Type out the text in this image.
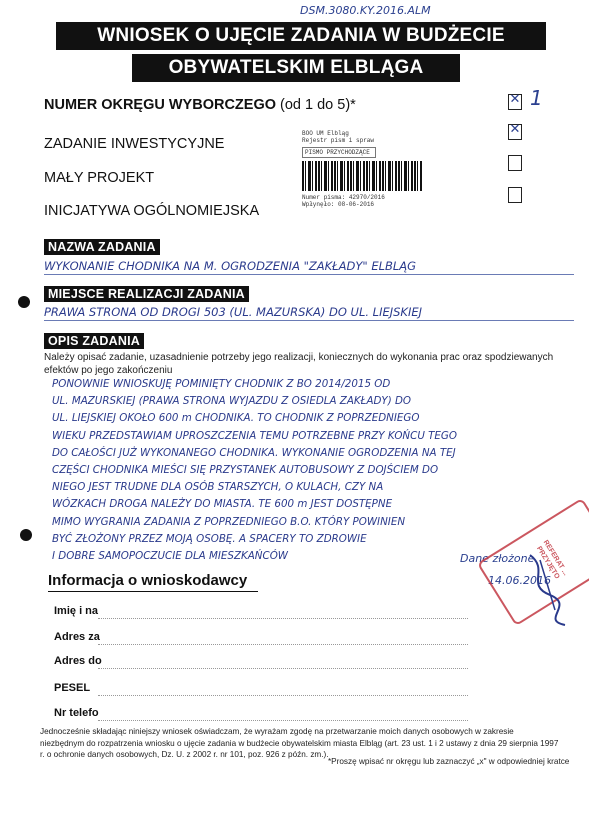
DSM.3080.KY.2016.ALM
WNIOSEK O UJĘCIE ZADANIA W BUDŻECIE
OBYWATELSKIM ELBLĄGA
NUMER OKRĘGU WYBORCZEGO (od 1 do 5)*	✕ 1
ZADANIE INWESTYCYJNE
✕
MAŁY PROJEKT
INICJATYWA OGÓLNOMIEJSKA
BOO UM Elbląg
Rejestr pism i spraw
PISMO PRZYCHODZĄCE
Numer pisma: 42970/2016
Wpłynęło: 08-06-2016
NAZWA ZADANIA
WYKONANIE CHODNIKA NA M. OGRODZENIA "ZAKŁADY" ELBLĄG
MIEJSCE REALIZACJI ZADANIA
PRAWA STRONA OD DROGI 503 (UL. MAZURSKA) DO UL. LIEJSKIEJ
OPIS ZADANIA
Należy opisać zadanie, uzasadnienie potrzeby jego realizacji, koniecznych do wykonania prac oraz spodziewanych efektów po jego zakończeniu
PONOWNIE WNIOSKUJĘ POMINIĘTY CHODNIK Z BO 2014/2015 OD
UL. MAZURSKIEJ (PRAWA STRONA WYJAZDU Z OSIEDLA ZAKŁADY) DO
UL. LIEJSKIEJ OKOŁO 600 m CHODNIKA. TO CHODNIK Z POPRZEDNIEGO
WIEKU PRZEDSTAWIAM UPROSZCZENIA TEMU POTRZEBNE PRZY KOŃCU TEGO
DO CAŁOŚCI JUŻ WYKONANEGO CHODNIKA. WYKONANIE OGRODZENIA NA TEJ
CZĘŚCI CHODNIKA MIEŚCI SIĘ PRZYSTANEK AUTOBUSOWY Z DOJŚCIEM DO
NIEGO JEST TRUDNE DLA OSÓB STARSZYCH, O KULACH, CZY NA
WÓZKACH DROGA NALEŻY DO MIASTA. TE 600 m JEST DOSTĘPNE
MIMO WYGRANIA ZADANIA Z POPRZEDNIEGO B.O. KTÓRY POWINIEN
BYĆ ZŁOŻONY PRZEZ MOJĄ OSOBĘ. A SPACERY TO ZDROWIE
I DOBRE SAMOPOCZUCIE DLA MIESZKAŃCÓW	Dane złożone
14.06.2016
REFERAT ... PRZYJĘTO
Informacja o wnioskodawcy
Imię i na
Adres za
Adres do
PESEL
Nr telefo
Jednocześnie składając niniejszy wniosek oświadczam, że wyrażam zgodę na przetwarzanie moich danych osobowych w zakresie niezbędnym do rozpatrzenia wniosku o ujęcie zadania w budżecie obywatelskim miasta Elbląg (art. 23 ust. 1 i 2 ustawy z dnia 29 sierpnia 1997 r. o ochronie danych osobowych, Dz. U. z 2002 r. nr 101, poz. 926 z późn. zm.).
*Proszę wpisać nr okręgu lub zaznaczyć „x" w odpowiedniej kratce
